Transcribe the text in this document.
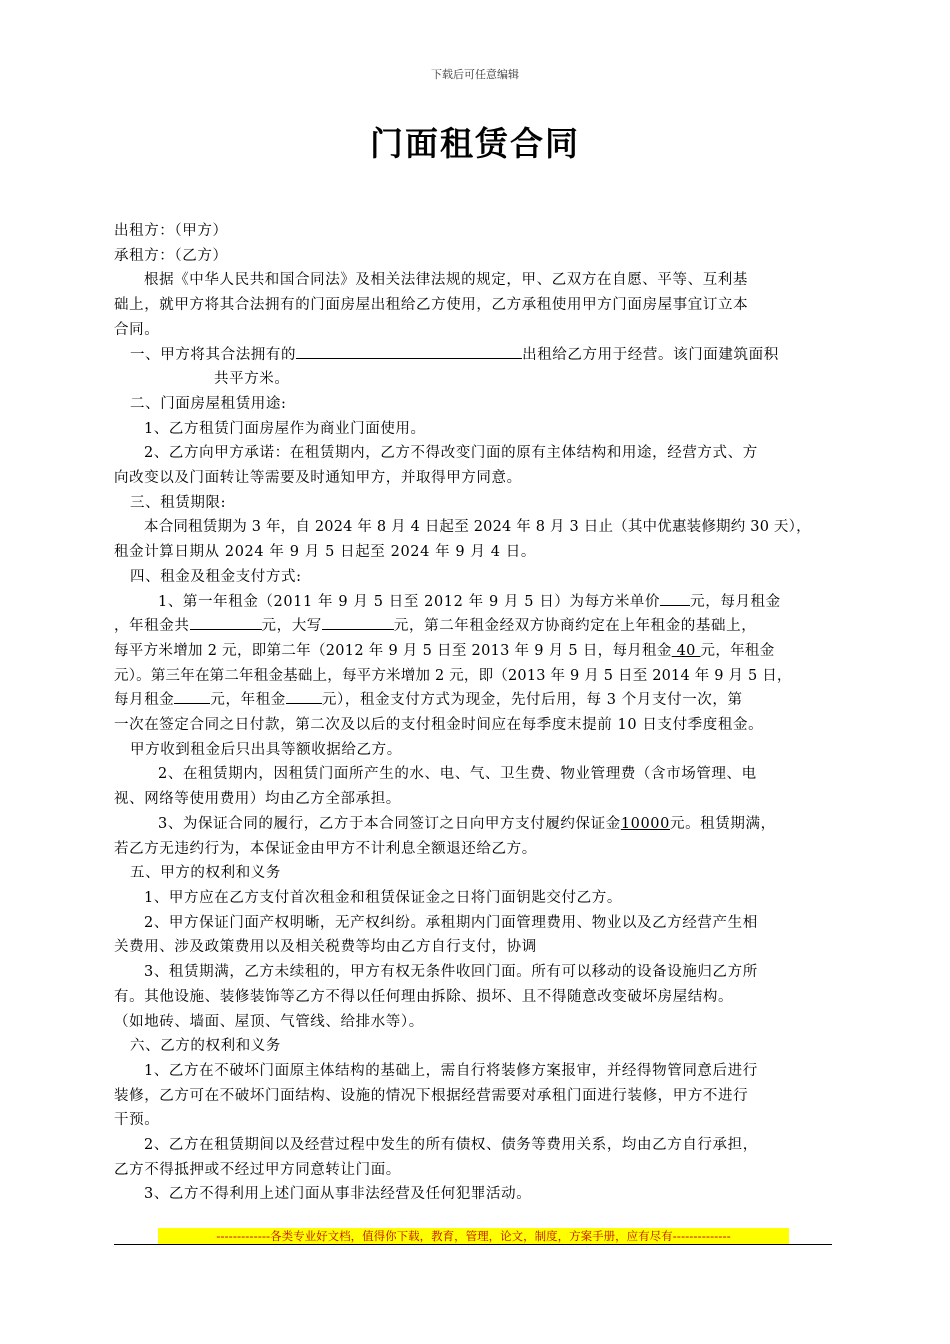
下载后可任意编辑
门面租赁合同

出租方：（甲方）

承租方：（乙方）

根据《中华人民共和国合同法》及相关法律法规的规定，甲、乙双方在自愿、平等、互利基

础上，就甲方将其合法拥有的门面房屋出租给乙方使用，乙方承租使用甲方门面房屋事宜订立本

合同。

一、甲方将其合法拥有的	出租给乙方用于经营。该门面建筑面积

共平方米。

二、门面房屋租赁用途:

1、乙方租赁门面房屋作为商业门面使用。

2、乙方向甲方承诺：在租赁期内，乙方不得改变门面的原有主体结构和用途，经营方式、方

向改变以及门面转让等需要及时通知甲方，并取得甲方同意。

三、租赁期限:

本合同租赁期为 3 年，自 2024 年 8 月 4 日起至 2024 年 8 月 3 日止（其中优惠装修期约 30 天），

租金计算日期从 2024 年 9 月 5 日起至 2024 年 9 月 4 日。

四、租金及租金支付方式:

1、第一年租金（2011 年 9 月 5 日至 2012 年 9 月 5 日）为每方米单价 元，每月租金

，年租金共	元，大写	元，第二年租金经双方协商约定在上年租金的基础上，

每平方米增加 2 元，即第二年（2012 年 9 月 5 日至 2013 年 9 月 5 日，每月租金 40 元，年租金

元）。第三年在第二年租金基础上，每平方米增加 2 元，即（2013 年 9 月 5 日至 2014 年 9 月 5 日，

每月租金 元，年租金 元），租金支付方式为现金，先付后用，每 3 个月支付一次，第

一次在签定合同之日付款，第二次及以后的支付租金时间应在每季度末提前 10 日支付季度租金。

甲方收到租金后只出具等额收据给乙方。

2、在租赁期内，因租赁门面所产生的水、电、气、卫生费、物业管理费（含市场管理、电

视、网络等使用费用）均由乙方全部承担。

3、为保证合同的履行，乙方于本合同签订之日向甲方支付履约保证金10000元。租赁期满，

若乙方无违约行为，本保证金由甲方不计利息全额退还给乙方。

五、甲方的权利和义务

1、甲方应在乙方支付首次租金和租赁保证金之日将门面钥匙交付乙方。

2、甲方保证门面产权明晰，无产权纠纷。承租期内门面管理费用、物业以及乙方经营产生相

关费用、涉及政策费用以及相关税费等均由乙方自行支付，协调

3、租赁期满，乙方未续租的，甲方有权无条件收回门面。所有可以移动的设备设施归乙方所

有。其他设施、装修装饰等乙方不得以任何理由拆除、损坏、且不得随意改变破坏房屋结构。

（如地砖、墙面、屋顶、气管线、给排水等）。

六、乙方的权利和义务

1、乙方在不破坏门面原主体结构的基础上，需自行将装修方案报审，并经得物管同意后进行

装修，乙方可在不破坏门面结构、设施的情况下根据经营需要对承租门面进行装修，甲方不进行

干预。

2、乙方在租赁期间以及经营过程中发生的所有债权、债务等费用关系，均由乙方自行承担，

乙方不得抵押或不经过甲方同意转让门面。

3、乙方不得利用上述门面从事非法经营及任何犯罪活动。

-------------各类专业好文档，值得你下载，教育，管理，论文，制度，方案手册，应有尽有--------------
